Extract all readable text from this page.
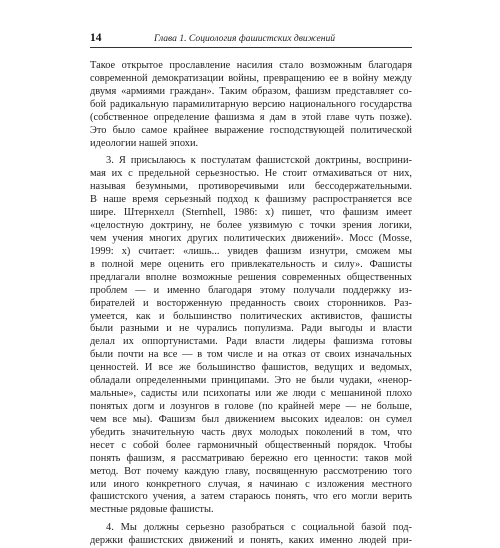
14	Глава 1. Социология фашистских движений
Такое открытое прославление насилия стало возможным благодаря
современной демократизации войны, превращению ее в войну между
двумя «армиями граждан». Таким образом, фашизм представляет со-
бой радикальную парамилитарную версию национального государства
(собственное определение фашизма я дам в этой главе чуть позже).
Это было самое крайнее выражение господствующей политической
идеологии нашей эпохи.
3. Я присылаюсь к постулатам фашистской доктрины, восприни-
мая их с предельной серьезностью. Не стоит отмахиваться от них,
называя безумными, противоречивыми или бессодержательными.
В наше время серьезный подход к фашизму распространяется все
шире. Штернхелл (Sternhell, 1986: x) пишет, что фашизм имеет
«целостную доктрину, не более уязвимую с точки зрения логики,
чем учения многих других политических движений». Мосс (Mosse,
1999: x) считает: «лишь... увидев фашизм изнутри, сможем мы
в полной мере оценить его привлекательность и силу». Фашисты
предлагали вполне возможные решения современных общественных
проблем — и именно благодаря этому получали поддержку из-
бирателей и восторженную преданность своих сторонников. Раз-
умеется, как и большинство политических активистов, фашисты
были разными и не чурались популизма. Ради выгоды и власти
делал их оппортунистами. Ради власти лидеры фашизма готовы
были почти на все — в том числе и на отказ от своих изначальных
ценностей. И все же большинство фашистов, ведущих и ведомых,
обладали определенными принципами. Это не были чудаки, «ненор-
мальные», садисты или психопаты или же люди с мешаниной плохо
понятых догм и лозунгов в голове (по крайней мере — не больше,
чем все мы). Фашизм был движением высоких идеалов: он сумел
убедить значительную часть двух молодых поколений в том, что
несет с собой более гармоничный общественный порядок. Чтобы
понять фашизм, я рассматриваю бережно его ценности: таков мой
метод. Вот почему каждую главу, посвященную рассмотрению того
или иного конкретного случая, я начинаю с изложения местного
фашистского учения, а затем стараюсь понять, что его могли верить
местные рядовые фашисты.
4. Мы должны серьезно разобраться с социальной базой под-
держки фашистских движений и понять, каких именно людей при-
